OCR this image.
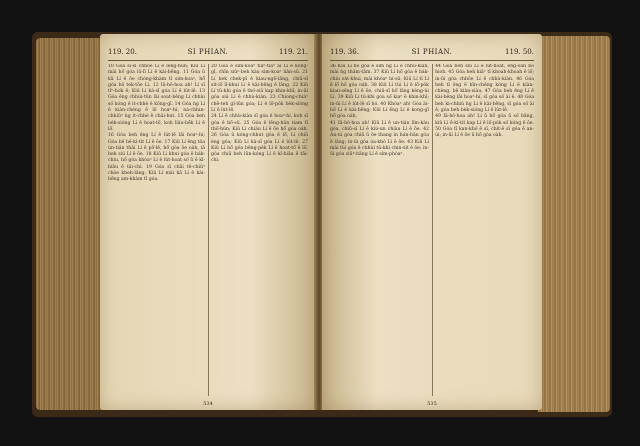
119. 20.	SI PHIAN.	119. 21.

10 Góa si-sì chhōe Lí ê lêng-hûn; Kiû Lí mài hō͘ góa iû-lī Lí ê kài-bēng. 11 Góa ū kā Lí ê ōe chóng-khàm tī sim-koaⁿ, hō͘ góa bô tek-tōe Lí. 12 Iâ-hô-hoa ah! Lí sī tîⁿ-ho͘k ê; Kiû Lí kà-sī góa Lí ê lu̍t-lē. 13 Góa ēng chhùi-tûn lâi soat-bêng Lí chhùi só͘ kóng ê it-chhè ê kōng-gī. 14 Góa ǹg Lí ê kiàn-chèng ê lō͘ hoaⁿ-hí, ná-chhin-chhiūⁿ ǹg it-chhè ê châi-but. 15 Góa beh bèk-sióng Lí ê hoat-tō͘, koh liâu-bē̍k Lí ê lō͘.

16 Góa beh ēng Lí ê lu̍t-lē lâi hoaⁿ-hí; Góa bē bē-kì-tit Lí ê ōe. 17 Kiû Lí ēng tōa ún-tián thāi Lí ê pō͘-lê, hō͘ góa ōe oa̍h, iā beh siú Lí ê ōe. 18 Kiû Lí khui góa ê ba̍k-chiu, hō͘ góa khòaⁿ Lí ê lu̍t-hoat só͘ ū ê kî-biāu ê tāi-chì. 19 Góa sī chāi tē-chiūⁿ chòe kheh-lâng; Kiû Lí mài kā Lí ê kài-bēng am-khàm tī góa.

20 Góa ê sim-koaⁿ tiāⁿ-tiāⁿ ài Lí ê kong-gī, chīn siūⁿ-beh kàu sim-koaⁿ liân-sū. 21 Lí kek chek-pī ê kiau-ngō͘-lâng, chiū-sī sit-lō͘ lī-khui Lí ê kài-bēng ê lâng. 22 Kiû Lí tû-khì góa ê thó͘-siū kap khin-khī; in-ūi góa siú Lí ê chhù-kiàn. 23 Chiong-chiàⁿ chē-teh gī-lūn góa; Lí ê lō͘-po̍k bèk-sióng Lí ê lu̍t-lē.

24 Lí ê chhù-kiàn sī góa ê hoaⁿ-hí, koh sī góa ê bô͘-sū. 25 Góa ê lêng-hûn tiam tī thô͘-hún; Kiû Lí chiàu Lí ê ōe hō͘ góa oa̍h. 26 Góa ū kóng-chhut góa ê lō͘, Lí chiū èng góa; Kiû Lí kà-sī góa Lí ê lu̍t-lē. 27 Kiû Lí hō͘ góa bêng-pe̍k Lí ê hoat-tō͘ ê lō͘, góa chiū beh lūn-kóng Lí ê kî-biāu ê tāi-chì.

534
119. 36.	SI PHIAN.	119. 50.

36 Kiû Lí hō͘ góa ê sim ǹg Lí ê chhù-kiàn, mài ǹg thâm-tâm. 37 Kiû Lí hō͘ góa ê ba̍k-chiu oa̍t-khui, mài khòaⁿ hí-sū; Kiû Lí tī Lí ê lō͘ hō͘ góa oa̍h. 38 Kiû Lí tùi Lí ê lô͘-po̍k kian-sêng Lí ê ōe, chiū-sī hō͘ lâng kèng-ùi Lí. 39 Kiû Lí tû-khì góa só͘ kiaⁿ ê khin-khī; in-ūi Lí ê lu̍t-lē sī hó. 40 Khòaⁿ ah! Góa ài-bō͘ Lí ê kài-bēng; Kiû Lí ēng Lí ê kong-gī hō͘ góa oa̍h.

41 Iâ-hô-hoa ah! Kiû Lí ê un-tián lîm-kàu góa, chiū-sī Lí ê kiù-un chiàu Lí ê ōe. 42 Án-ni góa chiū ū ōe thang ìn hán-bān góa ê lâng; in-ūi góa óa-khò Lí ê ōe. 43 Kiû Lí mài tùi góa ê chhùi tû-khì chin-sit ê ōe; in-ūi góa siūⁿ-bāng Lí ê sím-phòaⁿ.

44 Góa beh siú Lí ê lu̍t-hoat, éng-oán bô hioh. 45 Góa beh kiâⁿ tī khoah-khoah ê lō͘; in-ūi góa chhōe Lí ê chhù-kiàn. 46 Góa beh tī ông ê bīn-chêng kóng Lí ê kiàn-chèng, bē kiàn-siàu. 47 Góa beh ēng Lí ê kài-bēng lâi hoaⁿ-hí, sī góa só͘ ài ê. 48 Góa beh kí-chhiú ǹg Lí ê kài-bēng, sī góa só͘ ài ê; góa beh bèk-sióng Lí ê lu̍t-lē.

49 Iâ-hô-hoa ah! Lí ū hō͘ góa ū só͘ bāng, kiû Lí ē-kì-tit kap Lí ê lô͘-po̍k só͘ kóng ê ōe. 50 Góa tī kan-khó͘ ê sî, chit-ê sī góa ê an-ùi; in-ūi Lí ê ōe ū hō͘ góa oa̍h.

535
